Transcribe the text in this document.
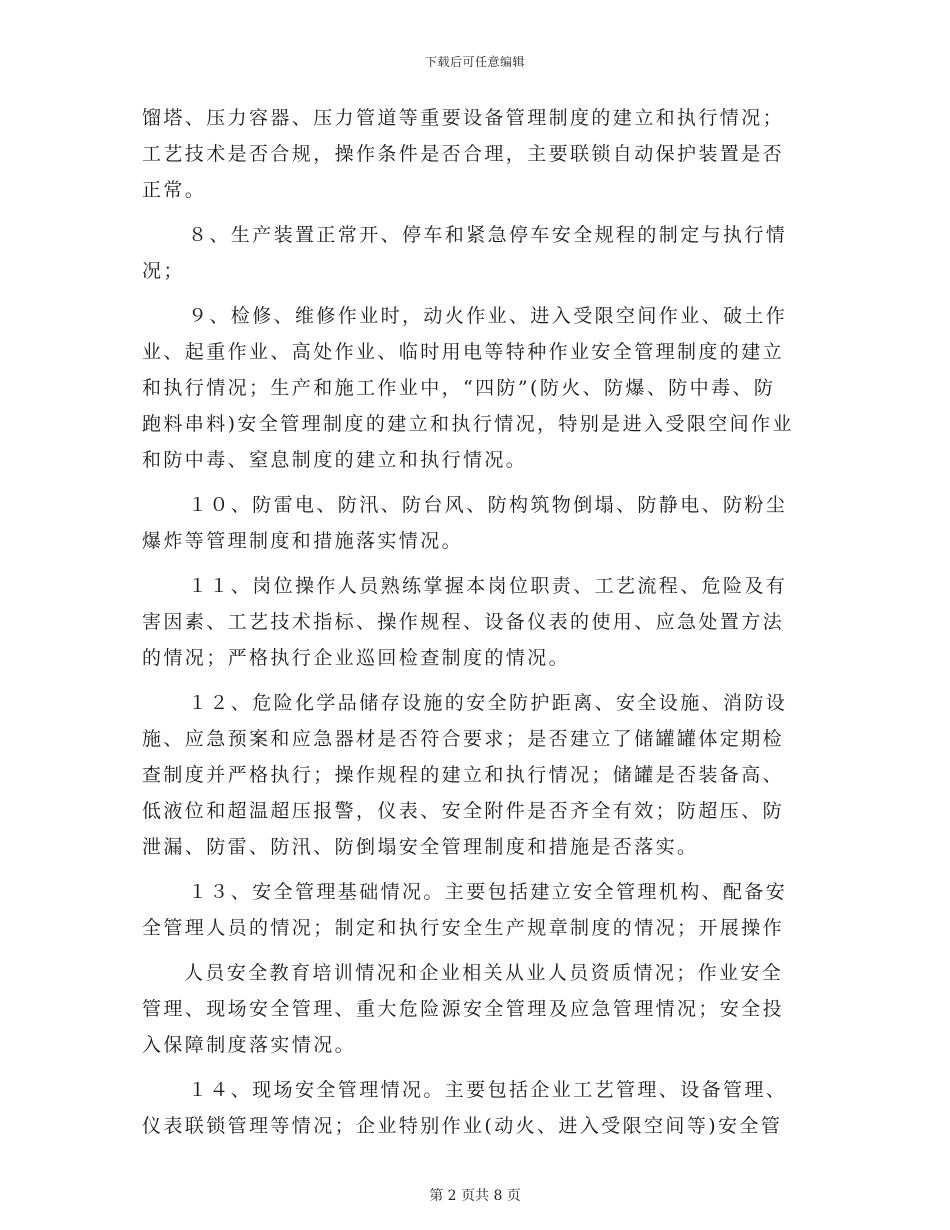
下载后可任意编辑
馏塔、压力容器、压力管道等重要设备管理制度的建立和执行情况；
工艺技术是否合规，操作条件是否合理，主要联锁自动保护装置是否
正常。
８、生产装置正常开、停车和紧急停车安全规程的制定与执行情
况；
９、检修、维修作业时，动火作业、进入受限空间作业、破土作
业、起重作业、高处作业、临时用电等特种作业安全管理制度的建立
和执行情况；生产和施工作业中，“四防”(防火、防爆、防中毒、防
跑料串料)安全管理制度的建立和执行情况，特别是进入受限空间作业
和防中毒、窒息制度的建立和执行情况。
１０、防雷电、防汛、防台风、防构筑物倒塌、防静电、防粉尘
爆炸等管理制度和措施落实情况。
１１、岗位操作人员熟练掌握本岗位职责、工艺流程、危险及有
害因素、工艺技术指标、操作规程、设备仪表的使用、应急处置方法
的情况；严格执行企业巡回检查制度的情况。
１２、危险化学品储存设施的安全防护距离、安全设施、消防设
施、应急预案和应急器材是否符合要求；是否建立了储罐罐体定期检
查制度并严格执行；操作规程的建立和执行情况；储罐是否装备高、
低液位和超温超压报警，仪表、安全附件是否齐全有效；防超压、防
泄漏、防雷、防汛、防倒塌安全管理制度和措施是否落实。
１３、安全管理基础情况。主要包括建立安全管理机构、配备安
全管理人员的情况；制定和执行安全生产规章制度的情况；开展操作
人员安全教育培训情况和企业相关从业人员资质情况；作业安全
管理、现场安全管理、重大危险源安全管理及应急管理情况；安全投
入保障制度落实情况。
１４、现场安全管理情况。主要包括企业工艺管理、设备管理、
仪表联锁管理等情况；企业特别作业(动火、进入受限空间等)安全管
第 2 页共 8 页
